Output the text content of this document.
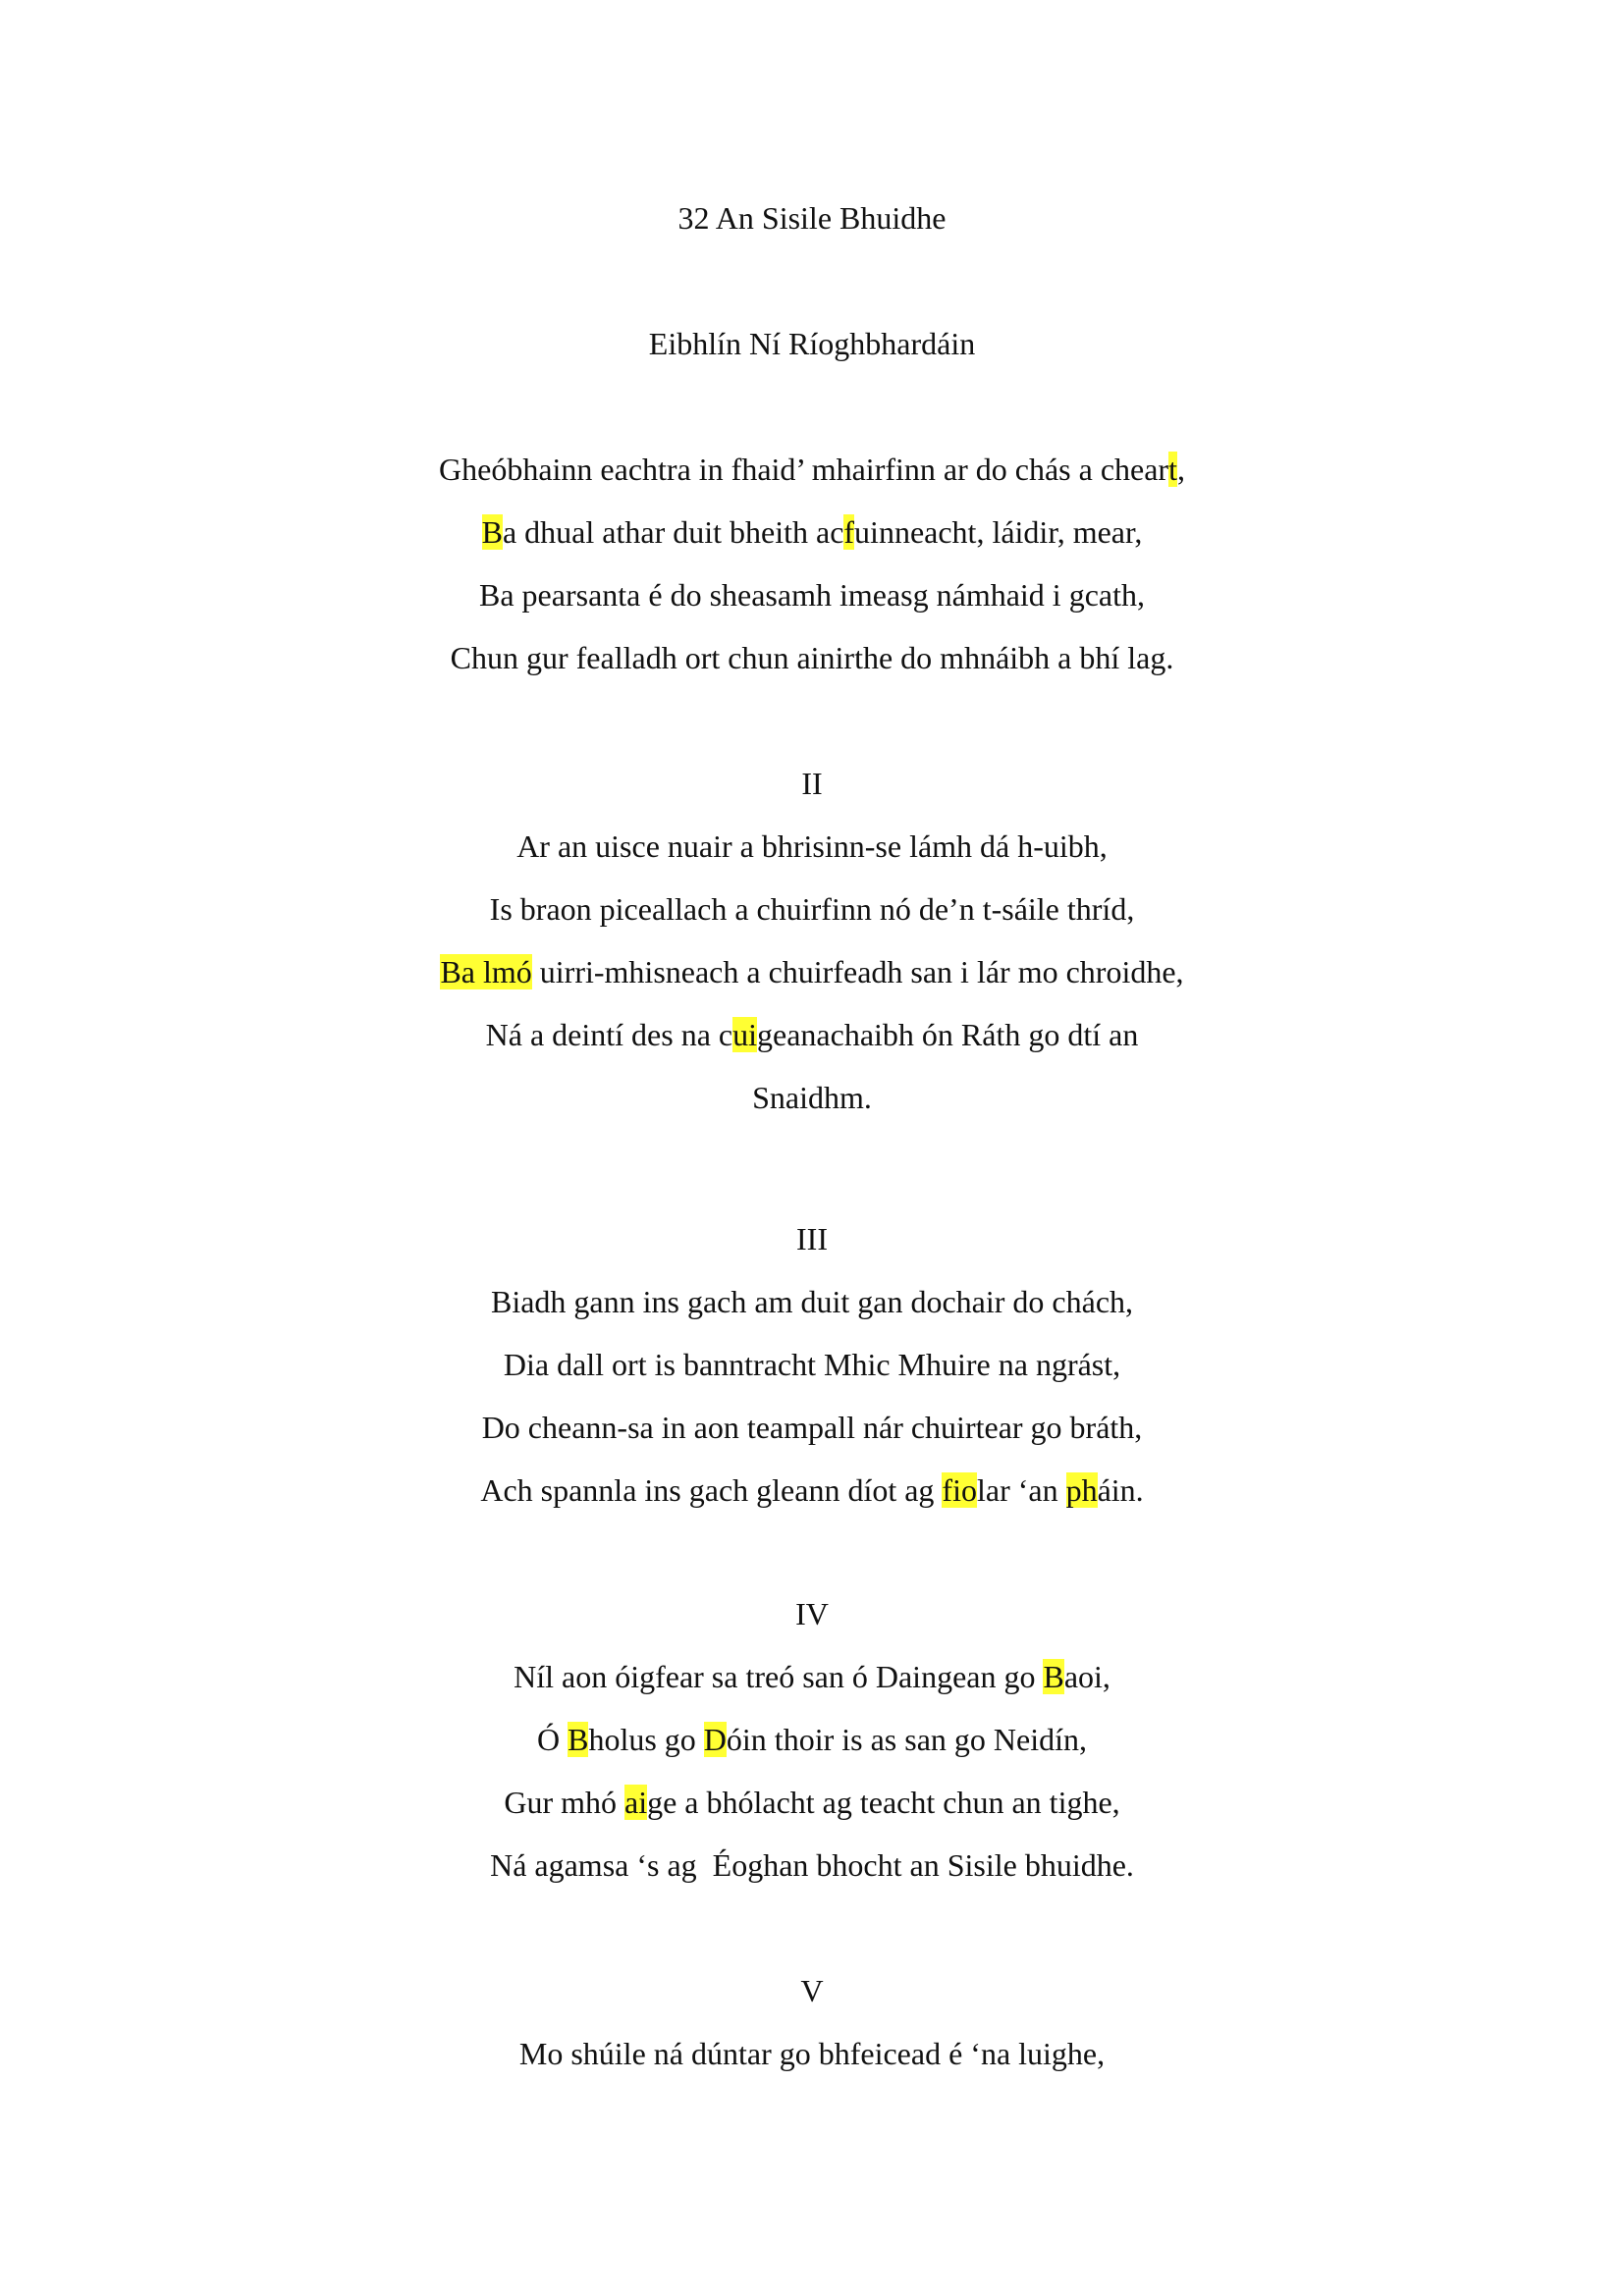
32 An Sisile Bhuidhe
Eibhlín Ní Ríoghbhardáin
Gheóbhainn eachtra in fhaid’ mhairfinn ar do chás a cheart,
Ba dhual athar duit bheith acfuinneacht, láidir, mear,
Ba pearsanta é do sheasamh imeasg námhaid i gcath,
Chun gur fealladh ort chun ainirthe do mhnáibh a bhí lag.
II
Ar an uisce nuair a bhrisinn-se lámh dá h-uibh,
Is braon piceallach a chuirfinn nó de’n t-sáile thríd,
Ba lmó uirri-mhisneach a chuirfeadh san i lár mo chroidhe,
Ná a deintí des na cuigeanachaibh ón Ráth go dtí an
Snaidhm.
III
Biadh gann ins gach am duit gan dochair do chách,
Dia dall ort is banntracht Mhic Mhuire na ngrást,
Do cheann-sa in aon teampall nár chuirtear go bráth,
Ach spannla ins gach gleann díot ag fiolar ‘an pháin.
IV
Níl aon óigfear sa treó san ó Daingean go Baoi,
Ó Bholus go Dóin thoir is as san go Neidín,
Gur mhó aige a bhólacht ag teacht chun an tighe,
Ná agamsa ‘s ag  Éoghan bhocht an Sisile bhuidhe.
V
Mo shúile ná dúntar go bhfeicead é ‘na luighe,
